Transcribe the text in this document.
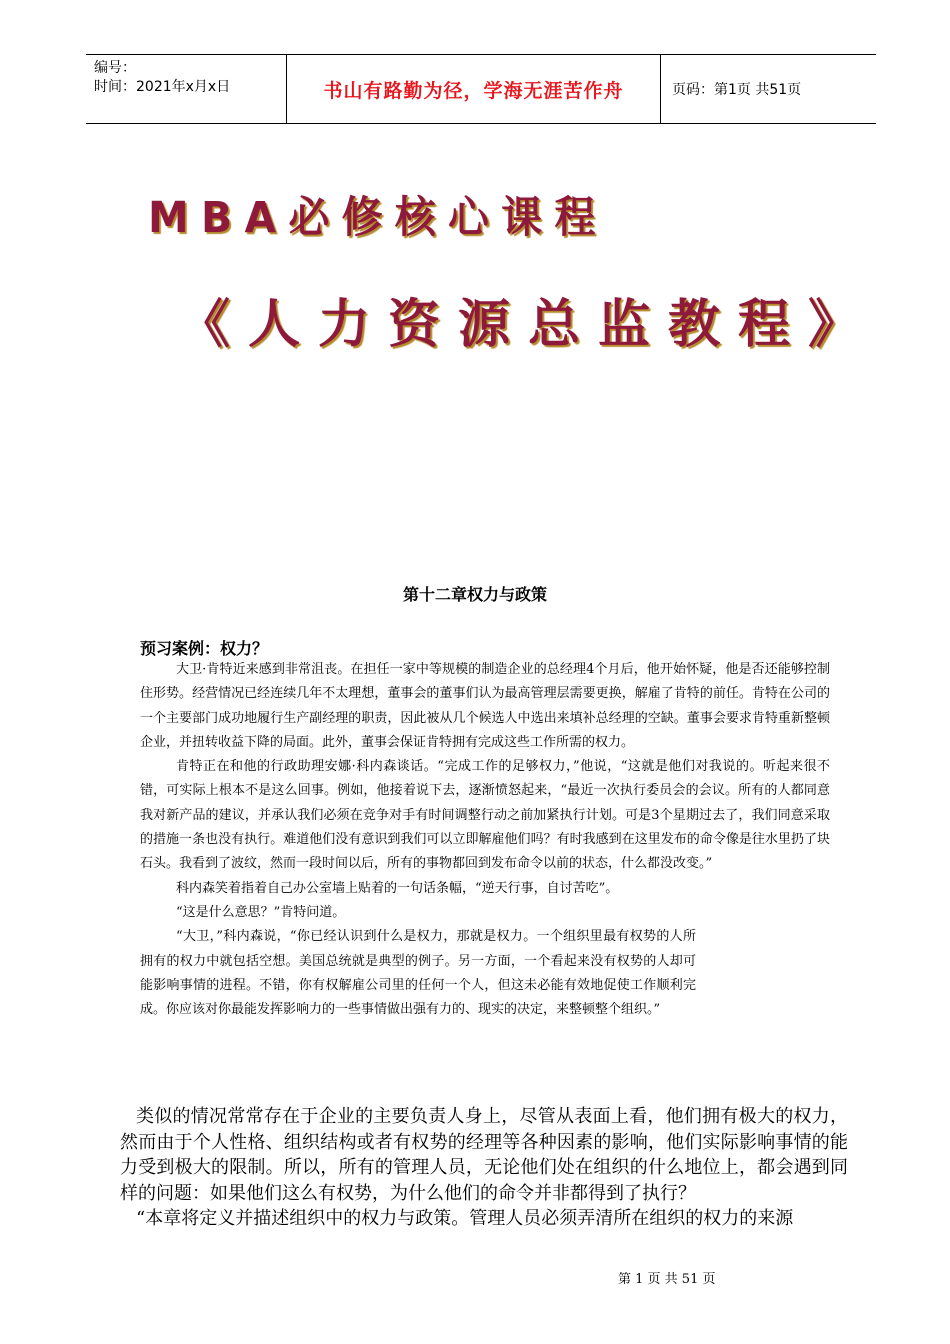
编号：
时间：2021年x月x日	书山有路勤为径，学海无涯苦作舟	页码：第1页 共51页
MBA必修核心课程
《人力资源总监教程》
第十二章权力与政策
预习案例：权力？

大卫·肯特近来感到非常沮丧。在担任一家中等规模的制造企业的总经理4个月后，他开始怀疑，他是否还能够控制住形势。经营情况已经连续几年不太理想，董事会的董事们认为最高管理层需要更换，解雇了肯特的前任。肯特在公司的一个主要部门成功地履行生产副经理的职责，因此被从几个候选人中选出来填补总经理的空缺。董事会要求肯特重新整顿企业，并扭转收益下降的局面。此外，董事会保证肯特拥有完成这些工作所需的权力。

肯特正在和他的行政助理安娜·科内森谈话。“完成工作的足够权力，”他说，“这就是他们对我说的。听起来很不错，可实际上根本不是这么回事。例如，他接着说下去，逐渐愤怒起来，“最近一次执行委员会的会议。所有的人都同意我对新产品的建议，并承认我们必须在竞争对手有时间调整行动之前加紧执行计划。可是3个星期过去了，我们同意采取的措施一条也没有执行。难道他们没有意识到我们可以立即解雇他们吗？有时我感到在这里发布的命令像是往水里扔了块石头。我看到了波纹，然而一段时间以后，所有的事物都回到发布命令以前的状态，什么都没改变。”

科内森笑着指着自己办公室墙上贴着的一句话条幅，“逆天行事，自讨苦吃”。

“这是什么意思？”肯特问道。

“大卫，”科内森说，“你已经认识到什么是权力，那就是权力。一个组织里最有权势的人所拥有的权力中就包括空想。美国总统就是典型的例子。另一方面，一个看起来没有权势的人却可能影响事情的进程。不错，你有权解雇公司里的任何一个人，但这未必能有效地促使工作顺利完成。你应该对你最能发挥影响力的一些事情做出强有力的、现实的决定，来整顿整个组织。”

类似的情况常常存在于企业的主要负责人身上，尽管从表面上看，他们拥有极大的权力，然而由于个人性格、组织结构或者有权势的经理等各种因素的影响，他们实际影响事情的能力受到极大的限制。所以，所有的管理人员，无论他们处在组织的什么地位上，都会遇到同样的问题：如果他们这么有权势，为什么他们的命令并非都得到了执行？

“本章将定义并描述组织中的权力与政策。管理人员必须弄清所在组织的权力的来源

第 1 页 共 51 页
